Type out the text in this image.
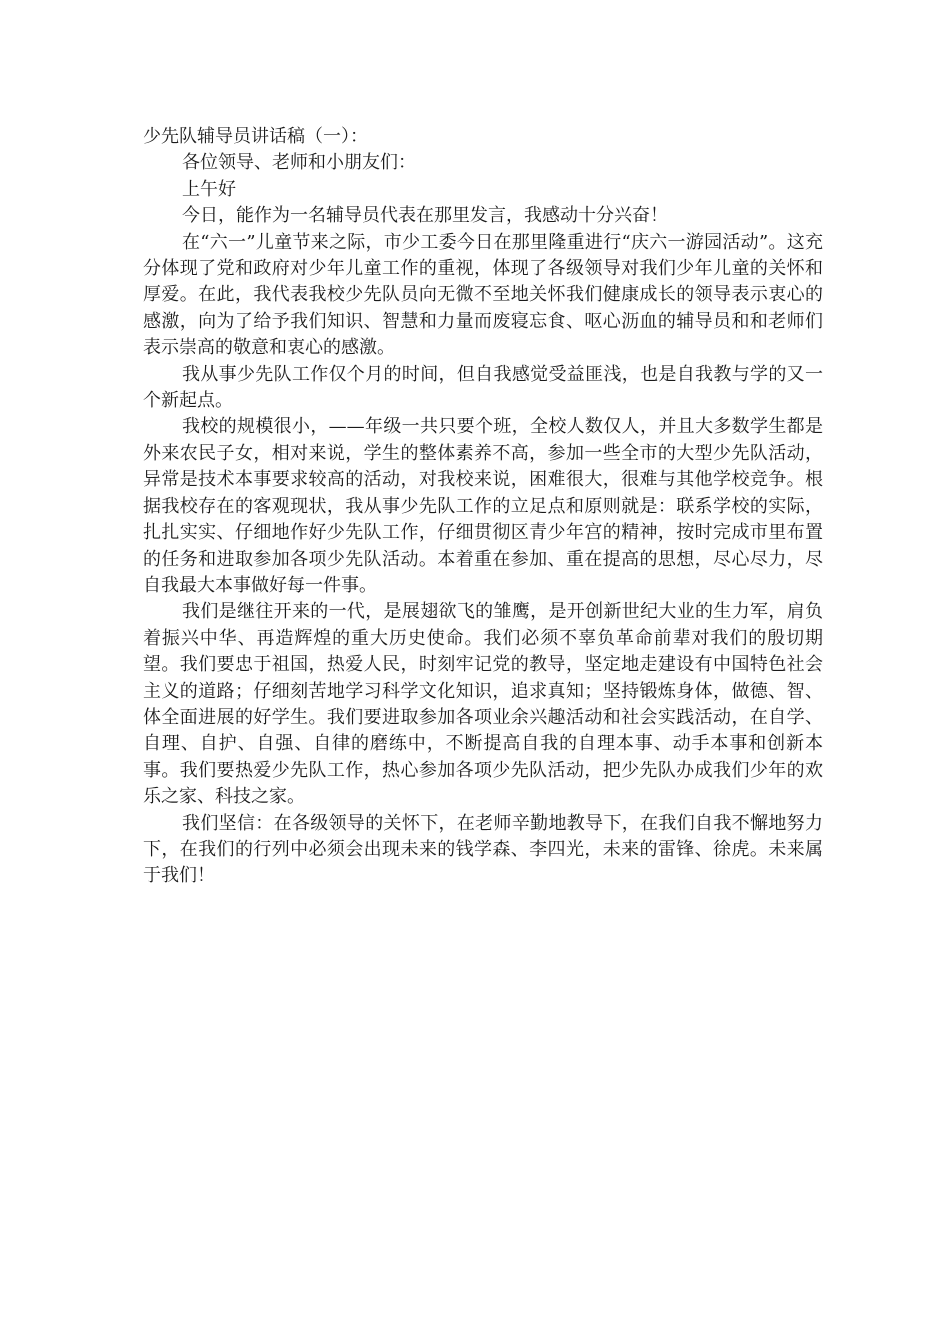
少先队辅导员讲话稿（一）：

各位领导、老师和小朋友们：

上午好

今日，能作为一名辅导员代表在那里发言，我感动十分兴奋！

在“六一”儿童节来之际，市少工委今日在那里隆重进行“庆六一游园活动”。这充分体现了党和政府对少年儿童工作的重视，体现了各级领导对我们少年儿童的关怀和厚爱。在此，我代表我校少先队员向无微不至地关怀我们健康成长的领导表示衷心的感激，向为了给予我们知识、智慧和力量而废寝忘食、呕心沥血的辅导员和和老师们表示崇高的敬意和衷心的感激。

我从事少先队工作仅个月的时间，但自我感觉受益匪浅，也是自我教与学的又一个新起点。

我校的规模很小，——年级一共只要个班，全校人数仅人，并且大多数学生都是外来农民子女，相对来说，学生的整体素养不高，参加一些全市的大型少先队活动，异常是技术本事要求较高的活动，对我校来说，困难很大，很难与其他学校竞争。根据我校存在的客观现状，我从事少先队工作的立足点和原则就是：联系学校的实际，扎扎实实、仔细地作好少先队工作，仔细贯彻区青少年宫的精神，按时完成市里布置的任务和进取参加各项少先队活动。本着重在参加、重在提高的思想，尽心尽力，尽自我最大本事做好每一件事。

我们是继往开来的一代，是展翅欲飞的雏鹰，是开创新世纪大业的生力军，肩负着振兴中华、再造辉煌的重大历史使命。我们必须不辜负革命前辈对我们的殷切期望。我们要忠于祖国，热爱人民，时刻牢记党的教导，坚定地走建设有中国特色社会主义的道路；仔细刻苦地学习科学文化知识，追求真知；坚持锻炼身体，做德、智、体全面进展的好学生。我们要进取参加各项业余兴趣活动和社会实践活动，在自学、自理、自护、自强、自律的磨练中，不断提高自我的自理本事、动手本事和创新本事。我们要热爱少先队工作，热心参加各项少先队活动，把少先队办成我们少年的欢乐之家、科技之家。

我们坚信：在各级领导的关怀下，在老师辛勤地教导下，在我们自我不懈地努力下，在我们的行列中必须会出现未来的钱学森、李四光，未来的雷锋、徐虎。未来属于我们！
